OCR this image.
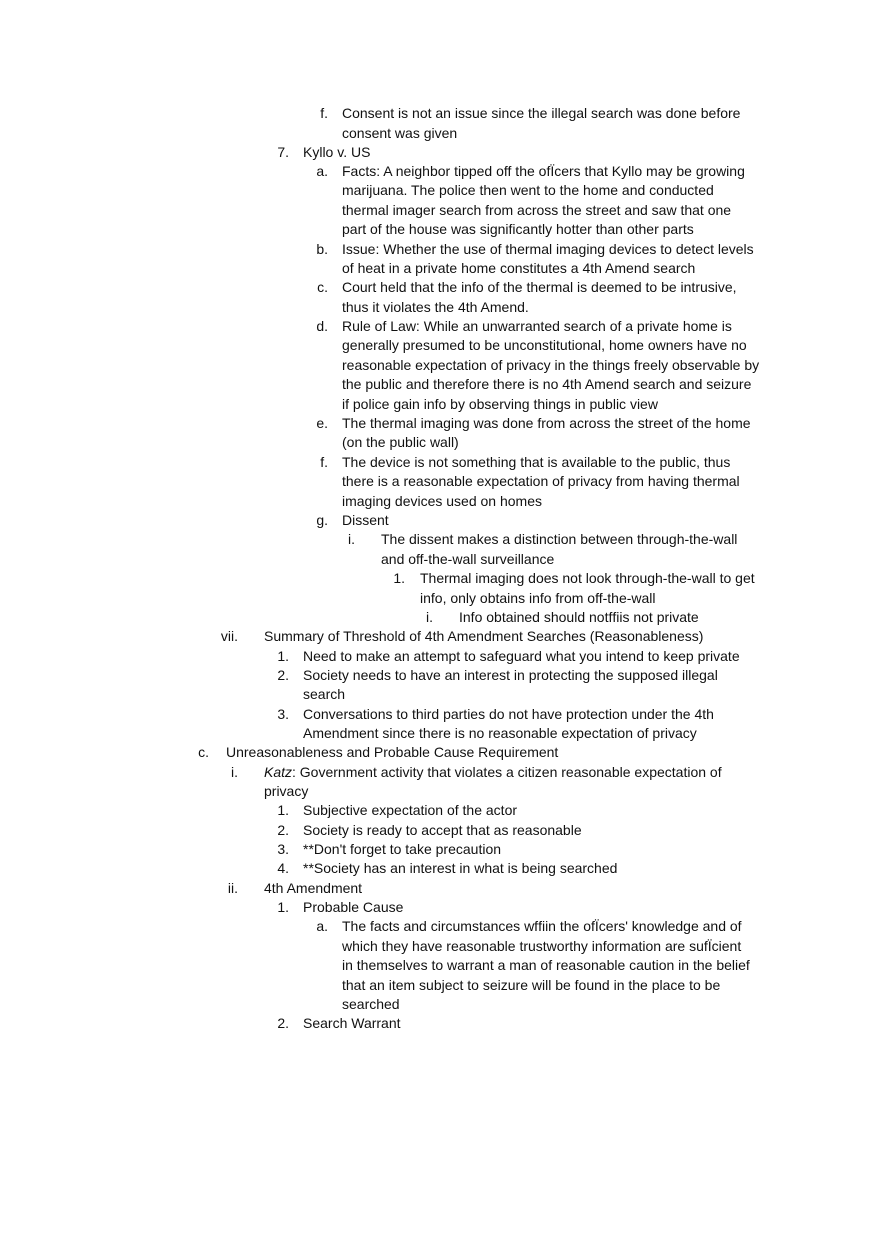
f. Consent is not an issue since the illegal search was done before
consent was given
7. Kyllo v. US
a. Facts: A neighbor tipped off the ofÏcers that Kyllo may be growing
marijuana. The police then went to the home and conducted
thermal imager search from across the street and saw that one
part of the house was significantly hotter than other parts
b. Issue: Whether the use of thermal imaging devices to detect levels
of heat in a private home constitutes a 4th Amend search
c. Court held that the info of the thermal is deemed to be intrusive,
thus it violates the 4th Amend.
d. Rule of Law: While an unwarranted search of a private home is
generally presumed to be unconstitutional, home owners have no
reasonable expectation of privacy in the things freely observable by
the public and therefore there is no 4th Amend search and seizure
if police gain info by observing things in public view
e. The thermal imaging was done from across the street of the home
(on the public wall)
f. The device is not something that is available to the public, thus
there is a reasonable expectation of privacy from having thermal
imaging devices used on homes
g. Dissent
i. The dissent makes a distinction between through-the-wall
and off-the-wall surveillance
1. Thermal imaging does not look through-the-wall to get
info, only obtains info from off-the-wall
i. Info obtained should notfﬁis not private
vii. Summary of Threshold of 4th Amendment Searches (Reasonableness)
1. Need to make an attempt to safeguard what you intend to keep private
2. Society needs to have an interest in protecting the supposed illegal
search
3. Conversations to third parties do not have protection under the 4th
Amendment since there is no reasonable expectation of privacy
c. Unreasonableness and Probable Cause Requirement
i. Katz: Government activity that violates a citizen reasonable expectation of
privacy
1. Subjective expectation of the actor
2. Society is ready to accept that as reasonable
3. **Don't forget to take precaution
4. **Society has an interest in what is being searched
ii. 4th Amendment
1. Probable Cause
a. The facts and circumstances wfﬁin the ofÏcers' knowledge and of
which they have reasonable trustworthy information are sufÏcient
in themselves to warrant a man of reasonable caution in the belief
that an item subject to seizure will be found in the place to be
searched
2. Search Warrant
